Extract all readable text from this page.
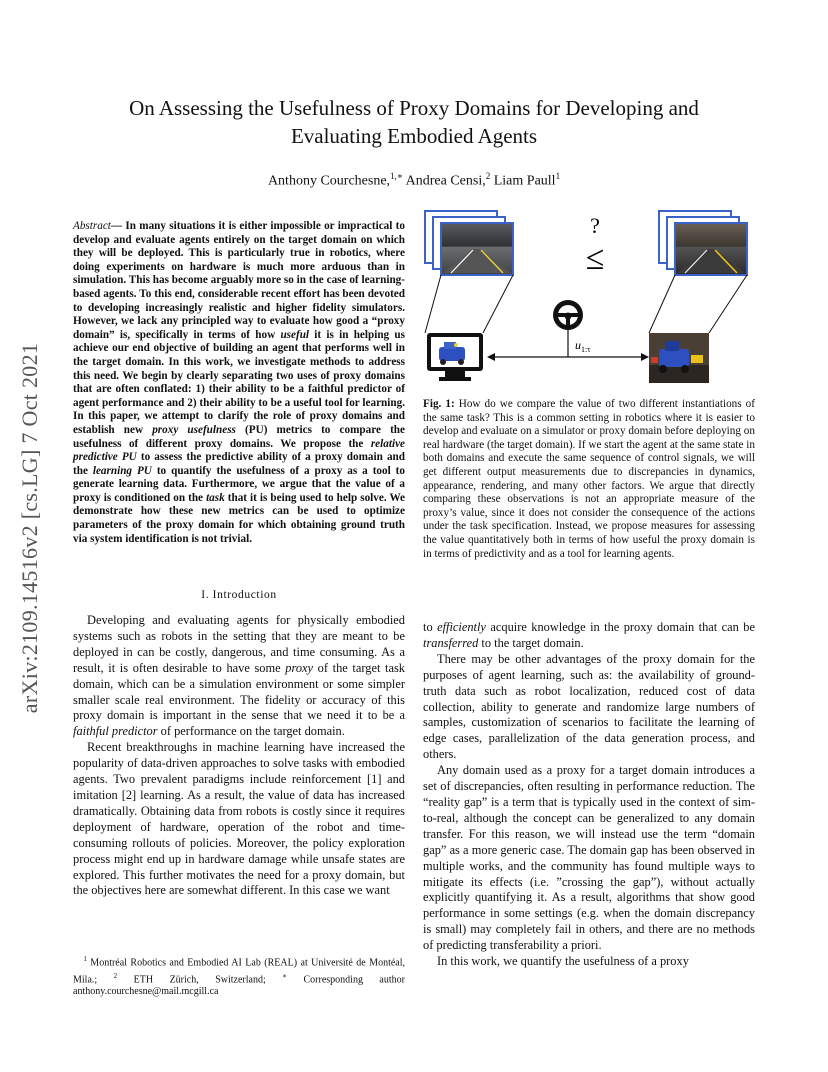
arXiv:2109.14516v2 [cs.LG] 7 Oct 2021
On Assessing the Usefulness of Proxy Domains for Developing and
Evaluating Embodied Agents
Anthony Courchesne,$^{1,∗}$ Andrea Censi,$^2$ Liam Paull$^1$
Abstract— In many situations it is either impossible or impractical to develop and evaluate agents entirely on the target domain on which they will be deployed. This is particularly true in robotics, where doing experiments on hardware is much more arduous than in simulation. This has become arguably more so in the case of learning-based agents. To this end, considerable recent effort has been devoted to developing increasingly realistic and higher fidelity simulators. However, we lack any principled way to evaluate how good a “proxy domain” is, specifically in terms of how useful it is in helping us achieve our end objective of building an agent that performs well in the target domain. In this work, we investigate methods to address this need. We begin by clearly separating two uses of proxy domains that are often conflated: 1) their ability to be a faithful predictor of agent performance and 2) their ability to be a useful tool for learning. In this paper, we attempt to clarify the role of proxy domains and establish new proxy usefulness (PU) metrics to compare the usefulness of different proxy domains. We propose the relative predictive PU to assess the predictive ability of a proxy domain and the learning PU to quantify the usefulness of a proxy as a tool to generate learning data. Furthermore, we argue that the value of a proxy is conditioned on the task that it is being used to help solve. We demonstrate how these new metrics can be used to optimize parameters of the proxy domain for which obtaining ground truth via system identification is not trivial.
I. Introduction

Developing and evaluating agents for physically embodied systems such as robots in the setting that they are meant to be deployed in can be costly, dangerous, and time consuming. As a result, it is often desirable to have some proxy of the target task domain, which can be a simulation environment or some simpler smaller scale real environment. The fidelity or accuracy of this proxy domain is important in the sense that we need it to be a faithful predictor of performance on the target domain.

Recent breakthroughs in machine learning have increased the popularity of data-driven approaches to solve tasks with embodied agents. Two prevalent paradigms include reinforcement [1] and imitation [2] learning. As a result, the value of data has increased dramatically. Obtaining data from robots is costly since it requires deployment of hardware, operation of the robot and time-consuming rollouts of policies. Moreover, the policy exploration process might end up in hardware damage while unsafe states are explored. This further motivates the need for a proxy domain, but the objectives here are somewhat different. In this case we want

$^1$ Montréal Robotics and Embodied AI Lab (REAL) at Université de Montéal, Mila.; $^2$ ETH Zürich, Switzerland; ∗ Corresponding author anthony.courchesne@mail.mcgill.ca
?
≤
$u_{1:\tau}$
Fig. 1: How do we compare the value of two different instantiations of the same task? This is a common setting in robotics where it is easier to develop and evaluate on a simulator or proxy domain before deploying on real hardware (the target domain). If we start the agent at the same state in both domains and execute the same sequence of control signals, we will get different output measurements due to discrepancies in dynamics, appearance, rendering, and many other factors. We argue that directly comparing these observations is not an appropriate measure of the proxy’s value, since it does not consider the consequence of the actions under the task specification. Instead, we propose measures for assessing the value quantitatively both in terms of how useful the proxy domain is in terms of predictivity and as a tool for learning agents.

to efficiently acquire knowledge in the proxy domain that can be transferred to the target domain.

There may be other advantages of the proxy domain for the purposes of agent learning, such as: the availability of ground-truth data such as robot localization, reduced cost of data collection, ability to generate and randomize large numbers of samples, customization of scenarios to facilitate the learning of edge cases, parallelization of the data generation process, and others.

Any domain used as a proxy for a target domain introduces a set of discrepancies, often resulting in performance reduction. The “reality gap” is a term that is typically used in the context of sim-to-real, although the concept can be generalized to any domain transfer. For this reason, we will instead use the term “domain gap” as a more generic case. The domain gap has been observed in multiple works, and the community has found multiple ways to mitigate its effects (i.e. ”crossing the gap”), without actually explicitly quantifying it. As a result, algorithms that show good performance in some settings (e.g. when the domain discrepancy is small) may completely fail in others, and there are no methods of predicting transferability a priori.

In this work, we quantify the usefulness of a proxy
